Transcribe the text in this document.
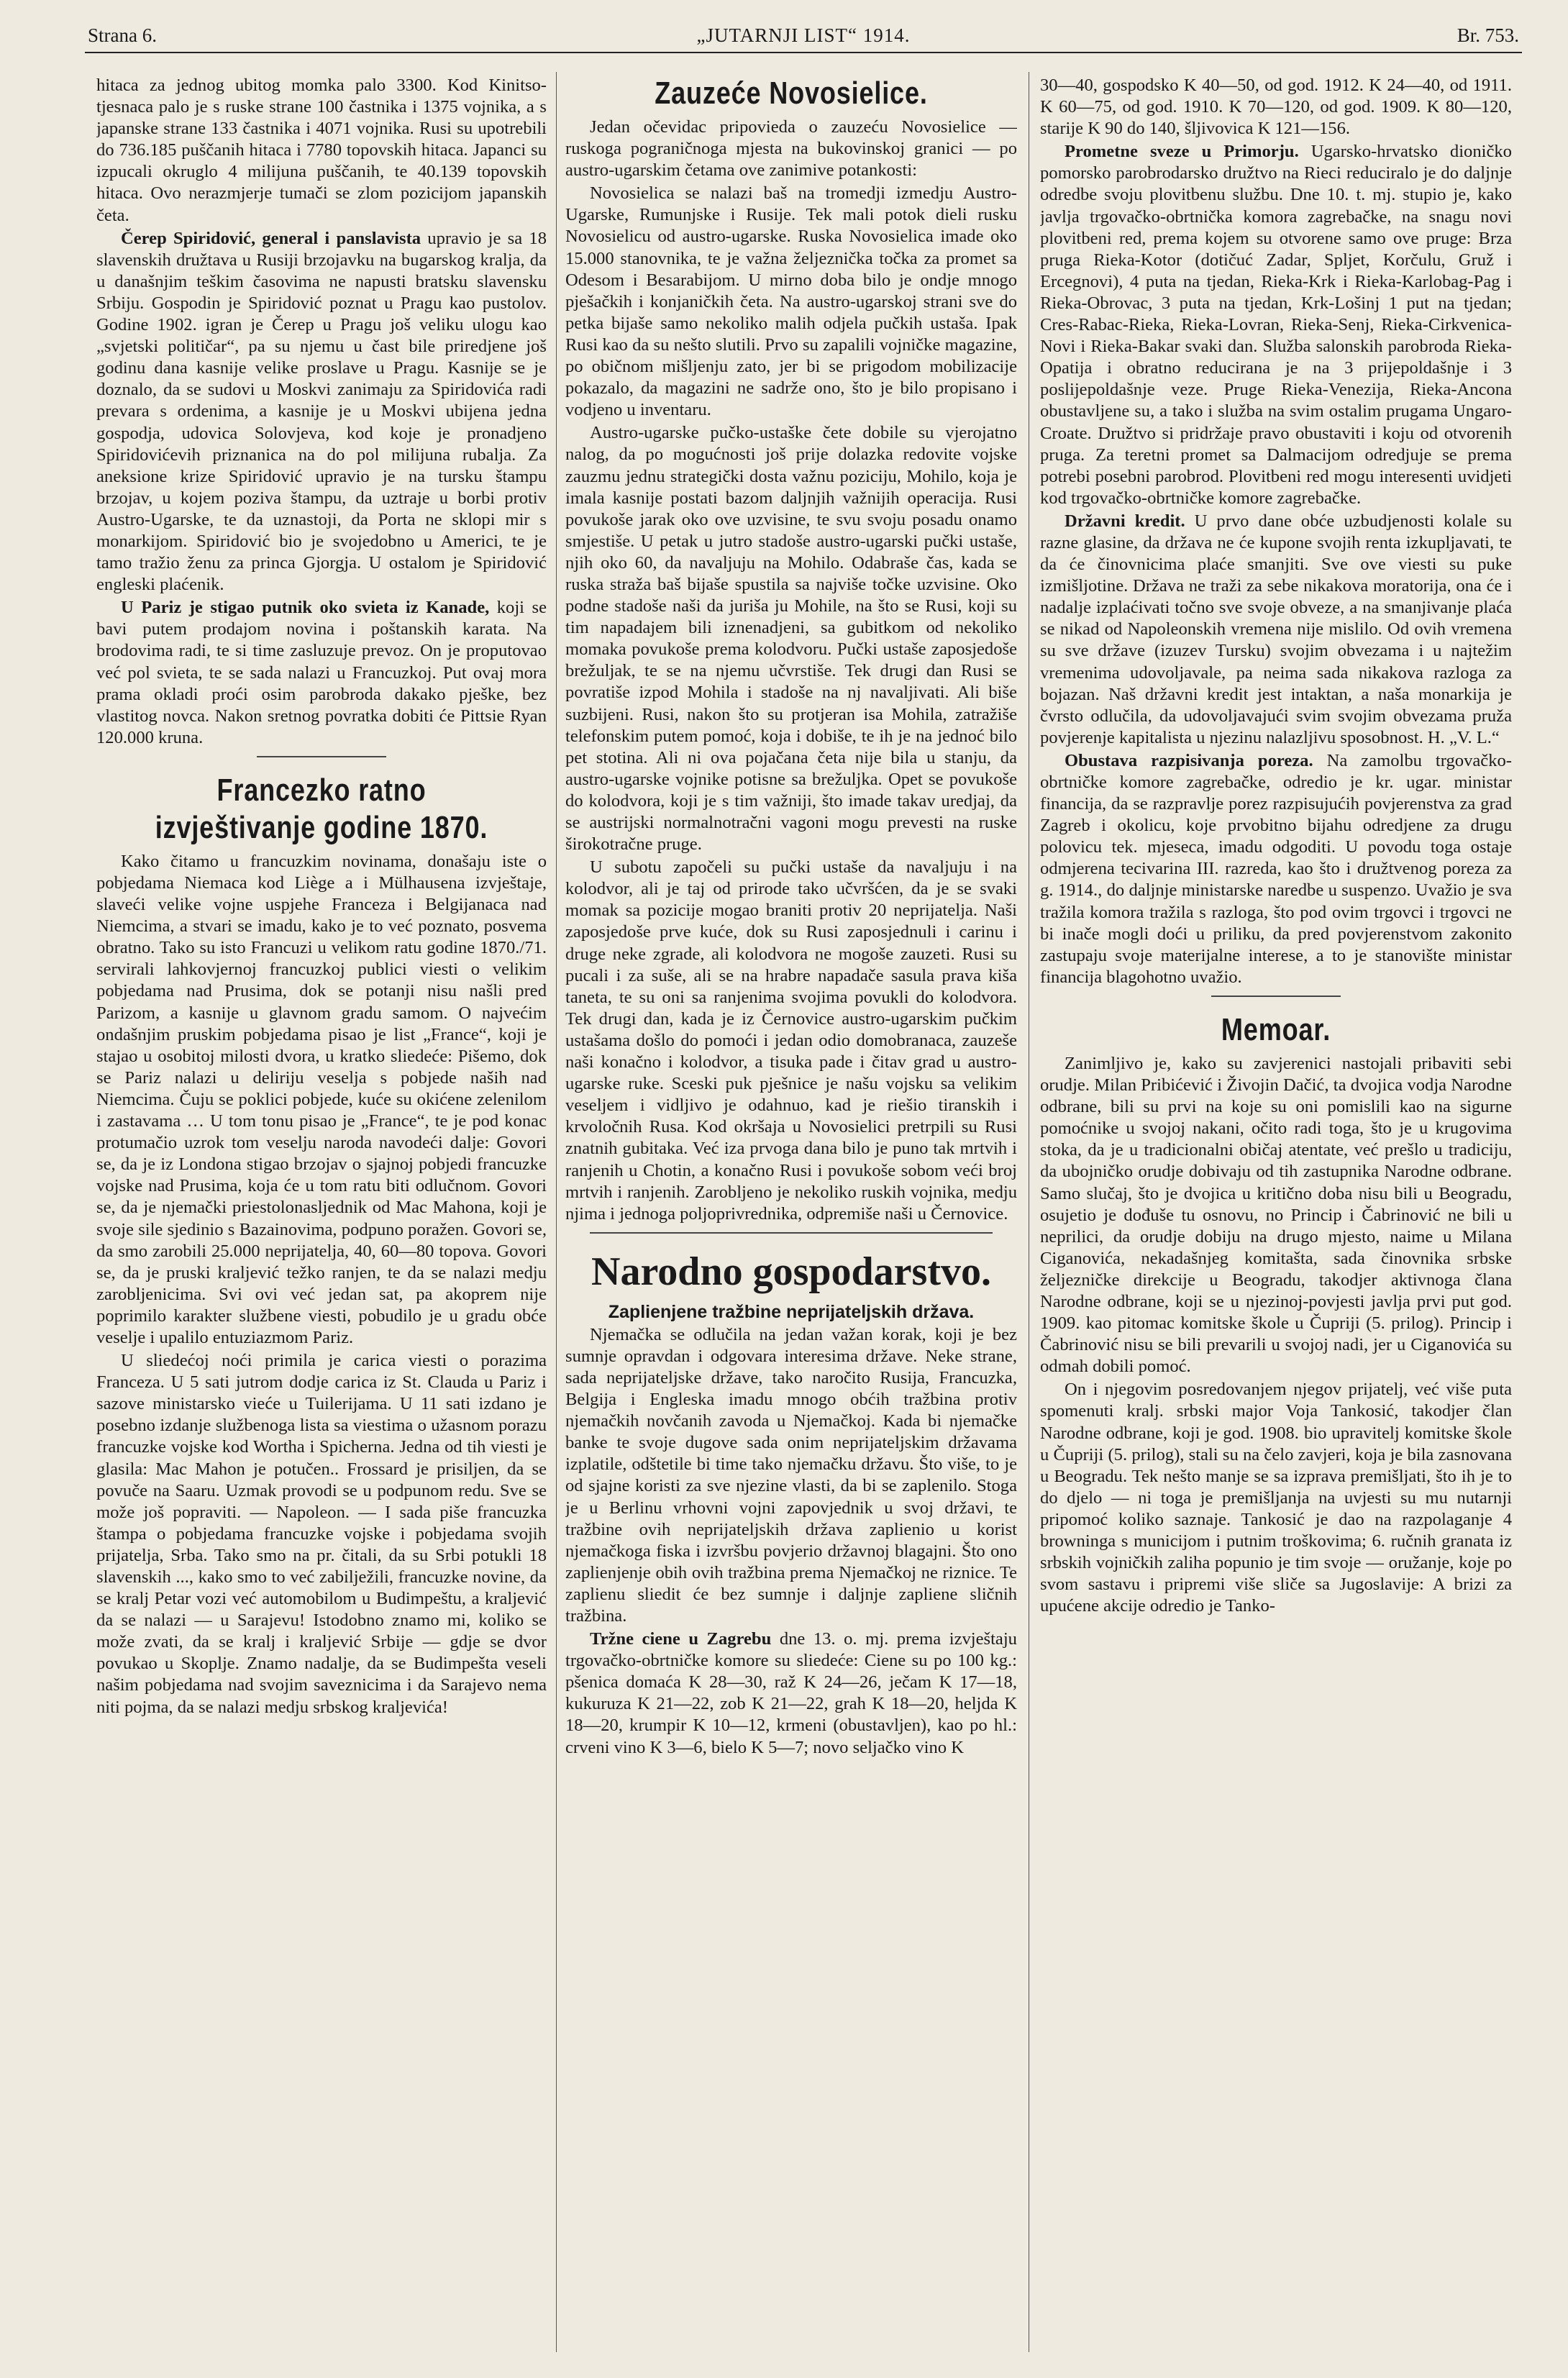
Strana 6.	„JUTARNJI LIST“ 1914.	Br. 753.

hitaca za jednog ubitog momka palo 3300. Kod Kinitso-tjesnaca palo je s ruske strane 100 častnika i 1375 vojnika, a s japanske strane 133 častnika i 4071 vojnika. Rusi su upotrebili do 736.185 puščanih hitaca i 7780 topovskih hitaca. Japanci su izpucali okruglo 4 milijuna puščanih, te 40.139 topovskih hitaca. Ovo nerazmjerje tumači se zlom pozicijom japanskih četa.

Čerep Spiridović, general i panslavista upravio je sa 18 slavenskih družtava u Rusiji brzojavku na bugarskog kralja, da u današnjim teškim časovima ne napusti bratsku slavensku Srbiju. Gospodin je Spiridović poznat u Pragu kao pustolov. Godine 1902. igran je Čerep u Pragu još veliku ulogu kao „svjetski političar“, pa su njemu u čast bile priredjene još godinu dana kasnije velike proslave u Pragu. Kasnije se je doznalo, da se sudovi u Moskvi zanimaju za Spiridovića radi prevara s ordenima, a kasnije je u Moskvi ubijena jedna gospodja, udovica Solovjeva, kod koje je pronadjeno Spiridovićevih priznanica na do pol milijuna rubalja. Za aneksione krize Spiridović upravio je na tursku štampu brzojav, u kojem poziva štampu, da uztraje u borbi protiv Austro-Ugarske, te da uznastoji, da Porta ne sklopi mir s monarkijom. Spiridović bio je svojedobno u Americi, te je tamo tražio ženu za princa Gjorgja. U ostalom je Spiridović engleski plaćenik.

U Pariz je stigao putnik oko svieta iz Kanade, koji se bavi putem prodajom novina i poštanskih karata. Na brodovima radi, te si time zasluzuje prevoz. On je proputovao već pol svieta, te se sada nalazi u Francuzkoj. Put ovaj mora prama okladi proći osim parobroda dakako pješke, bez vlastitog novca. Nakon sretnog povratka dobiti će Pittsie Ryan 120.000 kruna.

Francezko ratno izvještivanje godine 1870.

Kako čitamo u francuzkim novinama, donašaju iste o pobjedama Niemaca kod Liège a i Mülhausena izvještaje, slaveći velike vojne uspjehe Franceza i Belgijanaca nad Niemcima, a stvari se imadu, kako je to već poznato, posvema obratno. Tako su isto Francuzi u velikom ratu godine 1870./71. servirali lahkovjernoj francuzkoj publici viesti o velikim pobjedama nad Prusima, dok se potanji nisu našli pred Parizom, a kasnije u glavnom gradu samom. O najvećim ondašnjim pruskim pobjedama pisao je list „France“, koji je stajao u osobitoj milosti dvora, u kratko sliedeće: Pišemo, dok se Pariz nalazi u deliriju veselja s pobjede naših nad Niemcima. Čuju se poklici pobjede, kuće su okićene zelenilom i zastavama … U tom tonu pisao je „France“, te je pod konac protumačio uzrok tom veselju naroda navodeći dalje: Govori se, da je iz Londona stigao brzojav o sjajnoj pobjedi francuzke vojske nad Prusima, koja će u tom ratu biti odlučnom. Govori se, da je njemački priestolonasljednik od Mac Mahona, koji je svoje sile sjedinio s Bazainovima, podpuno poražen. Govori se, da smo zarobili 25.000 neprijatelja, 40, 60—80 topova. Govori se, da je pruski kraljević težko ranjen, te da se nalazi medju zarobljenicima. Svi ovi već jedan sat, pa akoprem nije poprimilo karakter službene viesti, pobudilo je u gradu obće veselje i upalilo entuziazmom Pariz.

U sliedećoj noći primila je carica viesti o porazima Franceza. U 5 sati jutrom dodje carica iz St. Clauda u Pariz i sazove ministarsko vieće u Tuilerijama. U 11 sati izdano je posebno izdanje službenoga lista sa viestima o užasnom porazu francuzke vojske kod Wortha i Spicherna. Jedna od tih viesti je glasila: Mac Mahon je potučen.. Frossard je prisiljen, da se povuče na Saaru. Uzmak provodi se u podpunom redu. Sve se može još popraviti. — Napoleon. — I sada piše francuzka štampa o pobjedama francuzke vojske i pobjedama svojih prijatelja, Srba. Tako smo na pr. čitali, da su Srbi potukli 18 slavenskih ..., kako smo to već zabilježili, francuzke novine, da se kralj Petar vozi već automobilom u Budimpeštu, a kraljević da se nalazi — u Sarajevu! Istodobno znamo mi, koliko se može zvati, da se kralj i kraljević Srbije — gdje se dvor povukao u Skoplje. Znamo nadalje, da se Budimpešta veseli našim pobjedama nad svojim saveznicima i da Sarajevo nema niti pojma, da se nalazi medju srbskog kraljevića!

Zauzeće Novosielice.

Jedan očevidac pripovieda o zauzeću Novosielice — ruskoga pograničnoga mjesta na bukovinskoj granici — po austro-ugarskim četama ove zanimive potankosti:

Novosielica se nalazi baš na tromedji izmedju Austro-Ugarske, Rumunjske i Rusije. Tek mali potok dieli rusku Novosielicu od austro-ugarske. Ruska Novosielica imade oko 15.000 stanovnika, te je važna željeznička točka za promet sa Odesom i Besarabijom. U mirno doba bilo je ondje mnogo pješačkih i konjaničkih četa. Na austro-ugarskoj strani sve do petka bijaše samo nekoliko malih odjela pučkih ustaša. Ipak Rusi kao da su nešto slutili. Prvo su zapalili vojničke magazine, po običnom mišljenju zato, jer bi se prigodom mobilizacije pokazalo, da magazini ne sadrže ono, što je bilo propisano i vodjeno u inventaru.

Austro-ugarske pučko-ustaške čete dobile su vjerojatno nalog, da po mogućnosti još prije dolazka redovite vojske zauzmu jednu strategički dosta važnu poziciju, Mohilo, koja je imala kasnije postati bazom daljnjih važnijih operacija. Rusi povukoše jarak oko ove uzvisine, te svu svoju posadu onamo smjestiše. U petak u jutro stadoše austro-ugarski pučki ustaše, njih oko 60, da navaljuju na Mohilo. Odabraše čas, kada se ruska straža baš bijaše spustila sa najviše točke uzvisine. Oko podne stadoše naši da juriša ju Mohile, na što se Rusi, koji su tim napadajem bili iznenadjeni, sa gubitkom od nekoliko momaka povukoše prema kolodvoru. Pučki ustaše zaposjedoše brežuljak, te se na njemu učvrstiše. Tek drugi dan Rusi se povratiše izpod Mohila i stadoše na nj navaljivati. Ali biše suzbijeni. Rusi, nakon što su protjeran isa Mohila, zatražiše telefonskim putem pomoć, koja i dobiše, te ih je na jednoć bilo pet stotina. Ali ni ova pojačana četa nije bila u stanju, da austro-ugarske vojnike potisne sa brežuljka. Opet se povukoše do kolodvora, koji je s tim važniji, što imade takav uredjaj, da se austrijski normalnotračni vagoni mogu prevesti na ruske širokotračne pruge.

U subotu započeli su pučki ustaše da navaljuju i na kolodvor, ali je taj od prirode tako učvršćen, da je se svaki momak sa pozicije mogao braniti protiv 20 neprijatelja. Naši zaposjedoše prve kuće, dok su Rusi zaposjednuli i carinu i druge neke zgrade, ali kolodvora ne mogoše zauzeti. Rusi su pucali i za suše, ali se na hrabre napadače sasula prava kiša taneta, te su oni sa ranjenima svojima povukli do kolodvora. Tek drugi dan, kada je iz Černovice austro-ugarskim pučkim ustašama došlo do pomoći i jedan odio domobranaca, zauzeše naši konačno i kolodvor, a tisuka pade i čitav grad u austro-ugarske ruke. Sceski puk pješnice je našu vojsku sa velikim veseljem i vidljivo je odahnuo, kad je riešio tiranskih i krvoločnih Rusa. Kod okršaja u Novosielici pretrpili su Rusi znatnih gubitaka. Već iza prvoga dana bilo je puno tak mrtvih i ranjenih u Chotin, a konačno Rusi i povukoše sobom veći broj mrtvih i ranjenih. Zarobljeno je nekoliko ruskih vojnika, medju njima i jednoga poljoprivrednika, odpremiše naši u Černovice.

Narodno gospodarstvo.
Zaplienjene tražbine neprijateljskih država.

Njemačka se odlučila na jedan važan korak, koji je bez sumnje opravdan i odgovara interesima države. Neke strane, sada neprijateljske države, tako naročito Rusija, Francuzka, Belgija i Engleska imadu mnogo obćih tražbina protiv njemačkih novčanih zavoda u Njemačkoj. Kada bi njemačke banke te svoje dugove sada onim neprijateljskim državama izplatile, odštetile bi time tako njemačku državu. Što više, to je od sjajne koristi za sve njezine vlasti, da bi se zaplenilo. Stoga je u Berlinu vrhovni vojni zapovjednik u svoj državi, te tražbine ovih neprijateljskih država zaplienio u korist njemačkoga fiska i izvršbu povjerio državnoj blagajni. Što ono zaplienjenje obih ovih tražbina prema Njemačkoj ne riznice. Te zaplienu sliedit će bez sumnje i daljnje zapliene sličnih tražbina.

Tržne ciene u Zagrebu dne 13. o. mj. prema izvještaju trgovačko-obrtničke komore su sliedeće: Ciene su po 100 kg.: pšenica domaća K 28—30, raž K 24—26, ječam K 17—18, kukuruza K 21—22, zob K 21—22, grah K 18—20, heljda K 18—20, krumpir K 10—12, krmeni (obustavljen), kao po hl.: crveni vino K 3—6, bielo K 5—7; novo seljačko vino K

30—40, gospodsko K 40—50, od god. 1912. K 24—40, od 1911. K 60—75, od god. 1910. K 70—120, od god. 1909. K 80—120, starije K 90 do 140, šljivovica K 121—156.

Prometne sveze u Primorju. Ugarsko-hrvatsko dioničko pomorsko parobrodarsko družtvo na Rieci reduciralo je do daljnje odredbe svoju plovitbenu službu. Dne 10. t. mj. stupio je, kako javlja trgovačko-obrtnička komora zagrebačke, na snagu novi plovitbeni red, prema kojem su otvorene samo ove pruge: Brza pruga Rieka-Kotor (dotičuć Zadar, Spljet, Korčulu, Gruž i Ercegnovi), 4 puta na tjedan, Rieka-Krk i Rieka-Karlobag-Pag i Rieka-Obrovac, 3 puta na tjedan, Krk-Lošinj 1 put na tjedan; Cres-Rabac-Rieka, Rieka-Lovran, Rieka-Senj, Rieka-Cirkvenica-Novi i Rieka-Bakar svaki dan. Služba salonskih parobroda Rieka-Opatija i obratno reducirana je na 3 prijepoldašnje i 3 poslijepoldašnje veze. Pruge Rieka-Venezija, Rieka-Ancona obustavljene su, a tako i služba na svim ostalim prugama Ungaro-Croate. Družtvo si pridržaje pravo obustaviti i koju od otvorenih pruga. Za teretni promet sa Dalmacijom odredjuje se prema potrebi posebni parobrod. Plovitbeni red mogu interesenti uvidjeti kod trgovačko-obrtničke komore zagrebačke.

Državni kredit. U prvo dane obće uzbudjenosti kolale su razne glasine, da država ne će kupone svojih renta izkupljavati, te da će činovnicima plaće smanjiti. Sve ove viesti su puke izmišljotine. Država ne traži za sebe nikakova moratorija, ona će i nadalje izplaćivati točno sve svoje obveze, a na smanjivanje plaća se nikad od Napoleonskih vremena nije mislilo. Od ovih vremena su sve države (izuzev Tursku) svojim obvezama i u najtežim vremenima udovoljavale, pa neima sada nikakova razloga za bojazan. Naš državni kredit jest intaktan, a naša monarkija je čvrsto odlučila, da udovoljavajući svim svojim obvezama pruža povjerenje kapitalista u njezinu nalazljivu sposobnost. H. „V. L.“

Obustava razpisivanja poreza. Na zamolbu trgovačko-obrtničke komore zagrebačke, odredio je kr. ugar. ministar financija, da se razpravlje porez razpisujućih povjerenstva za grad Zagreb i okolicu, koje prvobitno bijahu odredjene za drugu polovicu tek. mjeseca, imadu odgoditi. U povodu toga ostaje odmjerena tecivarina III. razreda, kao što i družtvenog poreza za g. 1914., do daljnje ministarske naredbe u suspenzo. Uvažio je sva tražila komora tražila s razloga, što pod ovim trgovci i trgovci ne bi inače mogli doći u priliku, da pred povjerenstvom zakonito zastupaju svoje materijalne interese, a to je stanovište ministar financija blagohotno uvažio.

Memoar.

Zanimljivo je, kako su zavjerenici nastojali pribaviti sebi orudje. Milan Pribićević i Živojin Dačić, ta dvojica vodja Narodne odbrane, bili su prvi na koje su oni pomislili kao na sigurne pomoćnike u svojoj nakani, očito radi toga, što je u krugovima stoka, da je u tradicionalni običaj atentate, već prešlo u tradiciju, da ubojničko orudje dobivaju od tih zastupnika Narodne odbrane. Samo slučaj, što je dvojica u kritično doba nisu bili u Beogradu, osujetio je dođuše tu osnovu, no Princip i Čabrinović ne bili u neprilici, da orudje dobiju na drugo mjesto, naime u Milana Ciganovića, nekadašnjeg komitašta, sada činovnika srbske željezničke direkcije u Beogradu, takodjer aktivnoga člana Narodne odbrane, koji se u njezinoj-povjesti javlja prvi put god. 1909. kao pitomac komitske škole u Čupriji (5. prilog). Princip i Čabrinović nisu se bili prevarili u svojoj nadi, jer u Ciganovića su odmah dobili pomoć.

On i njegovim posredovanjem njegov prijatelj, već više puta spomenuti kralj. srbski major Voja Tankosić, takodjer član Narodne odbrane, koji je god. 1908. bio upravitelj komitske škole u Čupriji (5. prilog), stali su na čelo zavjeri, koja je bila zasnovana u Beogradu. Tek nešto manje se sa izprava premišljati, što ih je to do djelo — ni toga je premišljanja na uvjesti su mu nutarnji pripomoć koliko saznaje. Tankosić je dao na razpolaganje 4 browninga s municijom i putnim troškovima; 6. ručnih granata iz srbskih vojničkih zaliha popunio je tim svoje — oružanje, koje po svom sastavu i pripremi više sliče sa Jugoslavije: A brizi za upućene akcije odredio je Tanko-
